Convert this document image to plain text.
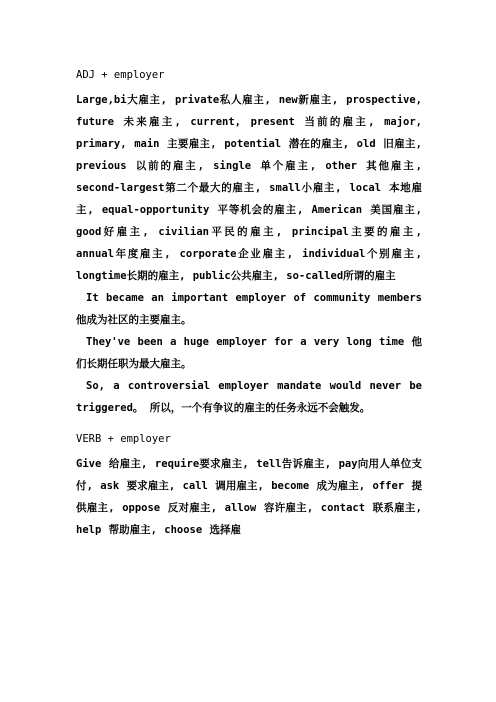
ADJ + employer

Large,bi大雇主, private私人雇主, new新雇主, prospective, future 未来雇主, current, present 当前的雇主, major, primary, main 主要雇主, potential 潜在的雇主, old 旧雇主, previous 以前的雇主, single 单个雇主, other 其他雇主, second-largest第二个最大的雇主, small小雇主, local 本地雇主, equal-opportunity 平等机会的雇主, American 美国雇主, good好雇主, civilian平民的雇主, principal主要的雇主, annual年度雇主, corporate企业雇主, individual个别雇主, longtime长期的雇主, public公共雇主, so-called所谓的雇主

It became an important employer of community members 他成为社区的主要雇主。

They've been a huge employer for a very long time 他们长期任职为最大雇主。

So, a controversial employer mandate would never be triggered。 所以，一个有争议的雇主的任务永远不会触发。

VERB + employer

Give 给雇主, require要求雇主, tell告诉雇主, pay向用人单位支付, ask 要求雇主, call 调用雇主, become 成为雇主, offer 提供雇主, oppose 反对雇主, allow 容许雇主, contact 联系雇主, help 帮助雇主, choose 选择雇
